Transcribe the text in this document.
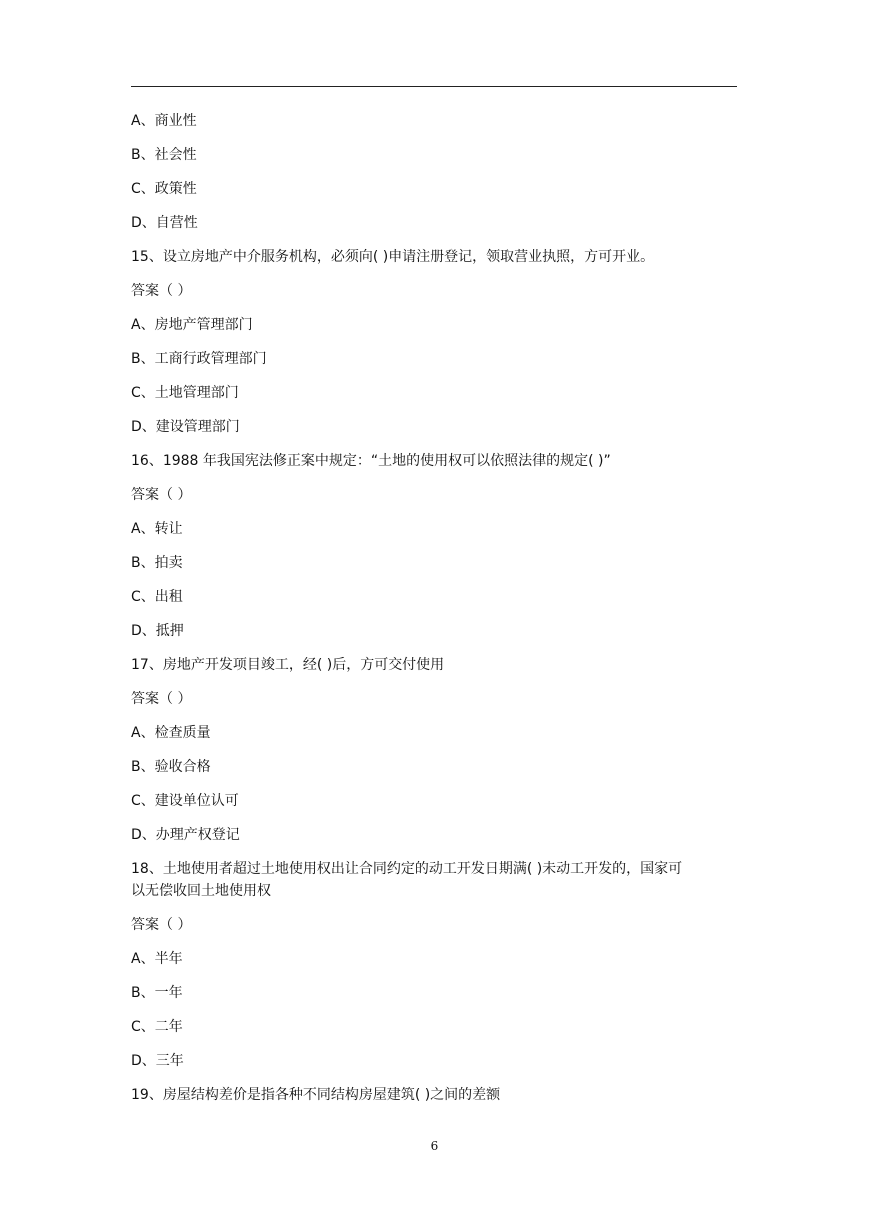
A、商业性
B、社会性
C、政策性
D、自营性
15、设立房地产中介服务机构，必须向( )申请注册登记，领取营业执照，方可开业。
答案（ ）
A、房地产管理部门
B、工商行政管理部门
C、土地管理部门
D、建设管理部门
16、1988 年我国宪法修正案中规定：“土地的使用权可以依照法律的规定( )”
答案（ ）
A、转让
B、拍卖
C、出租
D、抵押
17、房地产开发项目竣工，经( )后，方可交付使用
答案（ ）
A、检查质量
B、验收合格
C、建设单位认可
D、办理产权登记
18、土地使用者超过土地使用权出让合同约定的动工开发日期满( )未动工开发的，国家可
以无偿收回土地使用权
答案（ ）
A、半年
B、一年
C、二年
D、三年
19、房屋结构差价是指各种不同结构房屋建筑( )之间的差额
6
